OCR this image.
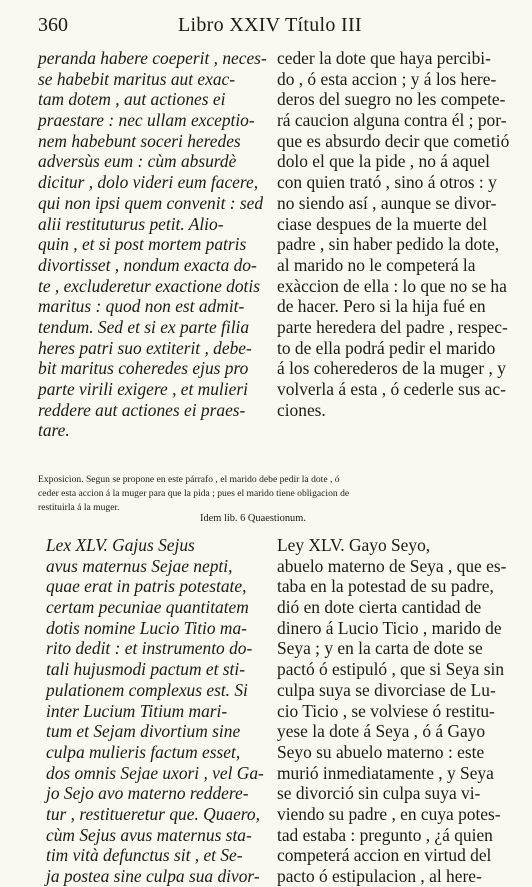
360	Libro XXIV Título III
peranda habere coeperit , neces-
se habebit maritus aut exac-
tam dotem , aut actiones ei
praestare : nec ullam exceptio-
nem habebunt soceri heredes
adversùs eum : cùm absurdè
dicitur , dolo videri eum facere,
qui non ipsi quem convenit : sed
alii restituturus petit. Alio-
quin , et si post mortem patris
divortisset , nondum exacta do-
te , excluderetur exactione dotis
maritus : quod non est admit-
tendum. Sed et si ex parte filia
heres patri suo extiterit , debe-
bit maritus coheredes ejus pro
parte virili exigere , et mulieri
reddere aut actiones ei praes-
tare.
ceder la dote que haya percibi-
do , ó esta accion ; y á los here-
deros del suegro no les compete-
rá caucion alguna contra él ; por-
que es absurdo decir que cometió
dolo el que la pide , no á aquel
con quien trató , sino á otros : y
no siendo así , aunque se divor-
ciase despues de la muerte del
padre , sin haber pedido la dote,
al marido no le competerá la
exàccion de ella : lo que no se ha
de hacer. Pero si la hija fué en
parte heredera del padre , respec-
to de ella podrá pedir el marido
á los coherederos de la muger , y
volverla á esta , ó cederle sus ac-
ciones.
Exposicion. Segun se propone en este párrafo , el marido debe pedir la dote , ó
ceder esta accion á la muger para que la pida ; pues el marido tiene obligacion de
restituirla á la muger.
Idem lib. 6 Quaestionum.
Lex XLV. Gajus Sejus
avus maternus Sejae nepti,
quae erat in patris potestate,
certam pecuniae quantitatem
dotis nomine Lucio Titio ma-
rito dedit : et instrumento do-
tali hujusmodi pactum et sti-
pulationem complexus est. Si
inter Lucium Titium mari-
tum et Sejam divortium sine
culpa mulieris factum esset,
dos omnis Sejae uxori , vel Ga-
jo Sejo avo materno reddere-
tur , restitueretur que. Quaero,
cùm Sejus avus maternus sta-
tim vità defunctus sit , et Se-
ja postea sine culpa sua divor-
Ley XLV. Gayo Seyo,
abuelo materno de Seya , que es-
taba en la potestad de su padre,
dió en dote cierta cantidad de
dinero á Lucio Ticio , marido de
Seya ; y en la carta de dote se
pactó ó estipuló , que si Seya sin
culpa suya se divorciase de Lu-
cio Ticio , se volviese ó restitu-
yese la dote á Seya , ó á Gayo
Seyo su abuelo materno : este
murió inmediatamente , y Seya
se divorció sin culpa suya vi-
viendo su padre , en cuya potes-
tad estaba : pregunto , ¿á quien
competerá accion en virtud del
pacto ó estipulacion , al here-
